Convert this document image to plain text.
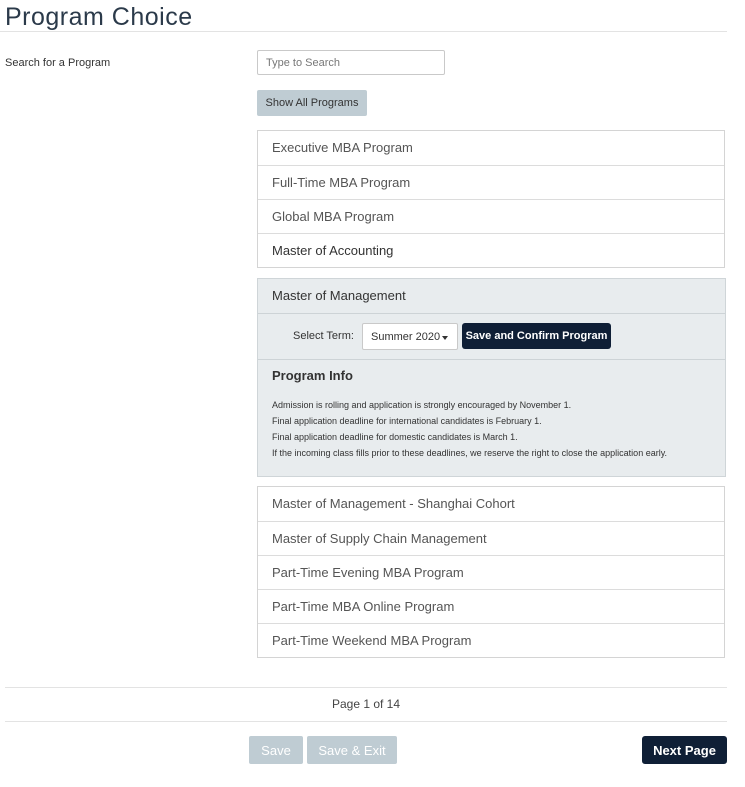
Program Choice
Search for a Program
Type to Search
Show All Programs
Executive MBA Program
Full-Time MBA Program
Global MBA Program
Master of Accounting
Master of Management
Select Term: Summer 2020	Save and Confirm Program
Program Info
Admission is rolling and application is strongly encouraged by November 1.
Final application deadline for international candidates is February 1.
Final application deadline for domestic candidates is March 1.
If the incoming class fills prior to these deadlines, we reserve the right to close the application early.
Master of Management - Shanghai Cohort
Master of Supply Chain Management
Part-Time Evening MBA Program
Part-Time MBA Online Program
Part-Time Weekend MBA Program
Page 1 of 14
Save	Save & Exit	Next Page
